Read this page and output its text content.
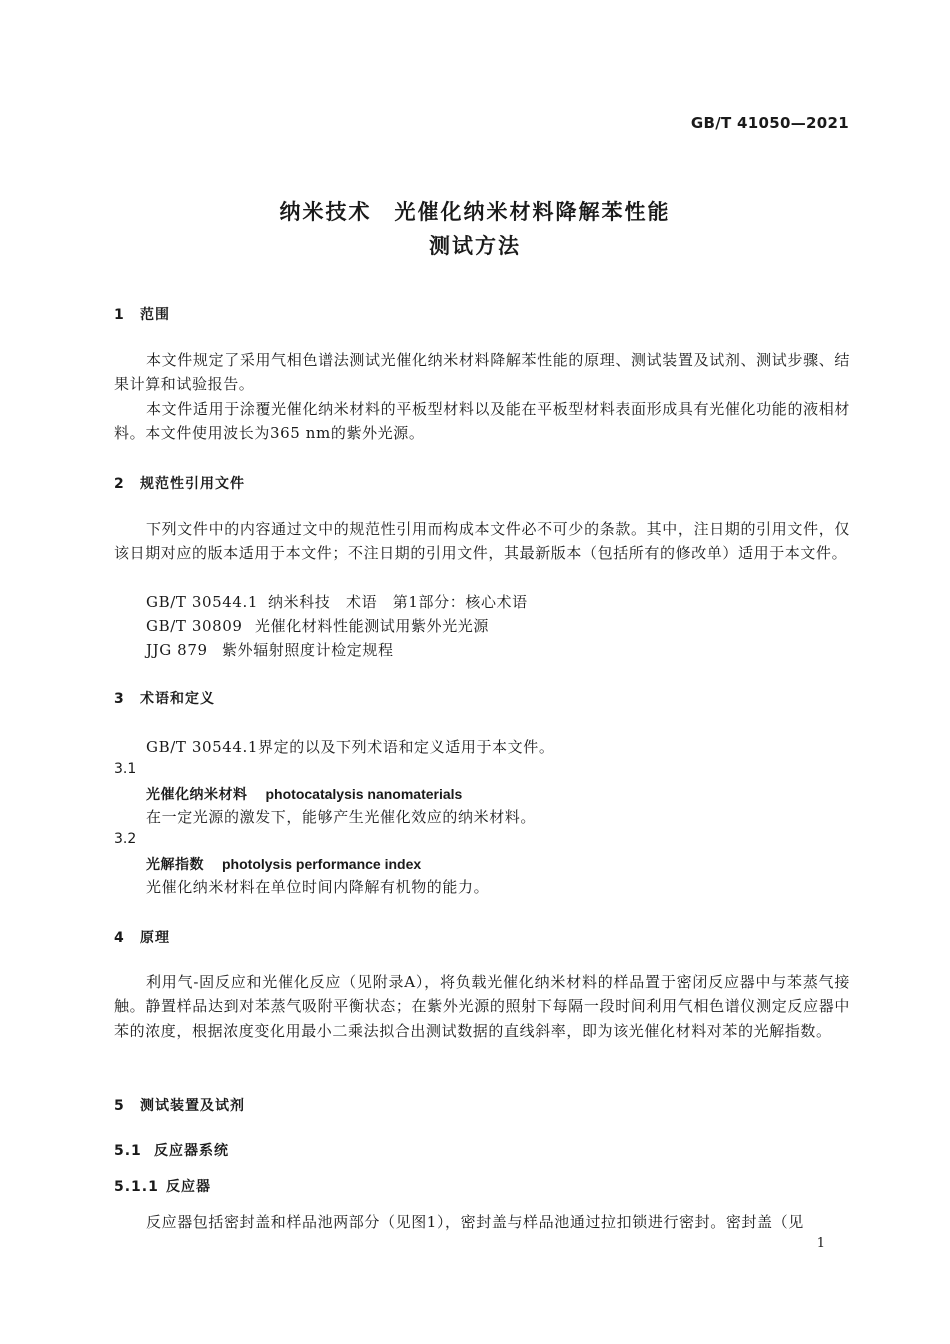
GB/T 41050—2021
纳米技术　光催化纳米材料降解苯性能
测试方法
1 范围
本文件规定了采用气相色谱法测试光催化纳米材料降解苯性能的原理、测试装置及试剂、测试步骤、结果计算和试验报告。
本文件适用于涂覆光催化纳米材料的平板型材料以及能在平板型材料表面形成具有光催化功能的液相材料。本文件使用波长为365 nm的紫外光源。
2 规范性引用文件
下列文件中的内容通过文中的规范性引用而构成本文件必不可少的条款。其中，注日期的引用文件，仅该日期对应的版本适用于本文件；不注日期的引用文件，其最新版本（包括所有的修改单）适用于本文件。
GB/T 30544.1 纳米科技　术语　第1部分：核心术语
GB/T 30809 光催化材料性能测试用紫外光光源
JJG 879 紫外辐射照度计检定规程
3 术语和定义
GB/T 30544.1界定的以及下列术语和定义适用于本文件。
3.1
光催化纳米材料 photocatalysis nanomaterials
在一定光源的激发下，能够产生光催化效应的纳米材料。
3.2
光解指数 photolysis performance index
光催化纳米材料在单位时间内降解有机物的能力。
4 原理
利用气-固反应和光催化反应（见附录A），将负载光催化纳米材料的样品置于密闭反应器中与苯蒸气接触。静置样品达到对苯蒸气吸附平衡状态；在紫外光源的照射下每隔一段时间利用气相色谱仪测定反应器中苯的浓度，根据浓度变化用最小二乘法拟合出测试数据的直线斜率，即为该光催化材料对苯的光解指数。
5 测试装置及试剂
5.1 反应器系统
5.1.1 反应器
反应器包括密封盖和样品池两部分（见图1），密封盖与样品池通过拉扣锁进行密封。密封盖（见
1
